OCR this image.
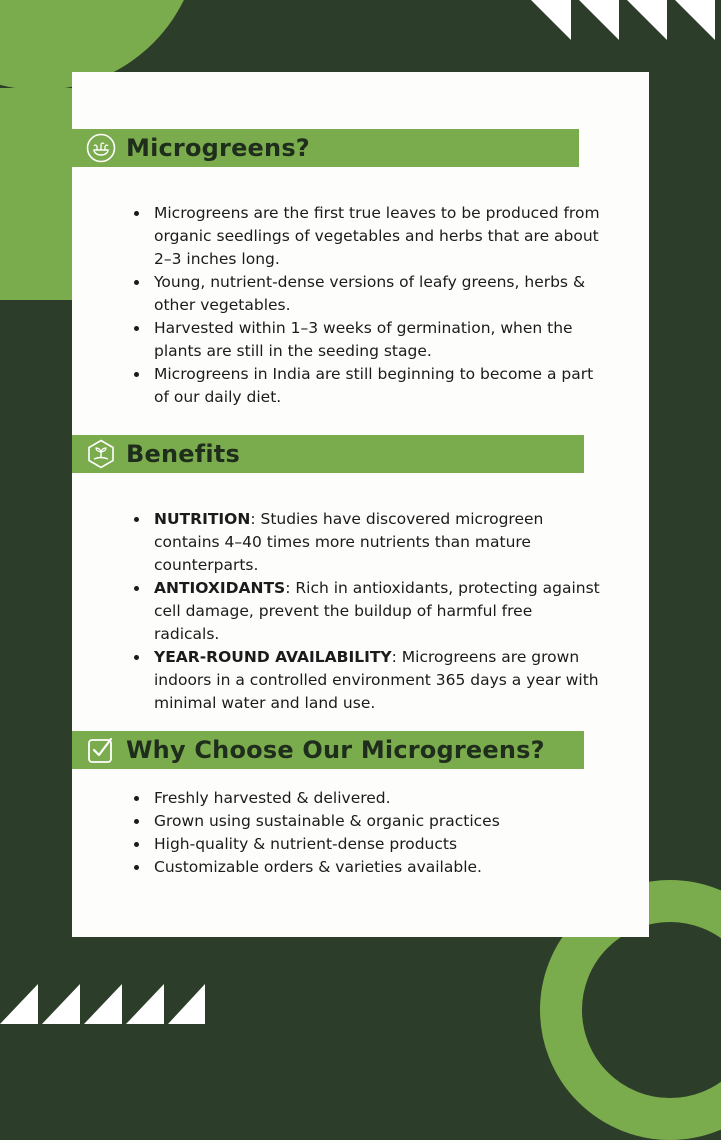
Microgreens?
Microgreens are the first true leaves to be produced from organic seedlings of vegetables and herbs that are about 2–3 inches long.
Young, nutrient-dense versions of leafy greens, herbs & other vegetables.
Harvested within 1–3 weeks of germination, when the plants are still in the seeding stage.
Microgreens in India are still beginning to become a part of our daily diet.
Benefits
NUTRITION: Studies have discovered microgreen contains 4–40 times more nutrients than mature counterparts.
ANTIOXIDANTS: Rich in antioxidants, protecting against cell damage, prevent the buildup of harmful free radicals.
YEAR-ROUND AVAILABILITY: Microgreens are grown indoors in a controlled environment 365 days a year with minimal water and land use.
Why Choose Our Microgreens?
Freshly harvested & delivered.
Grown using sustainable & organic practices
High-quality & nutrient-dense products
Customizable orders & varieties available.
